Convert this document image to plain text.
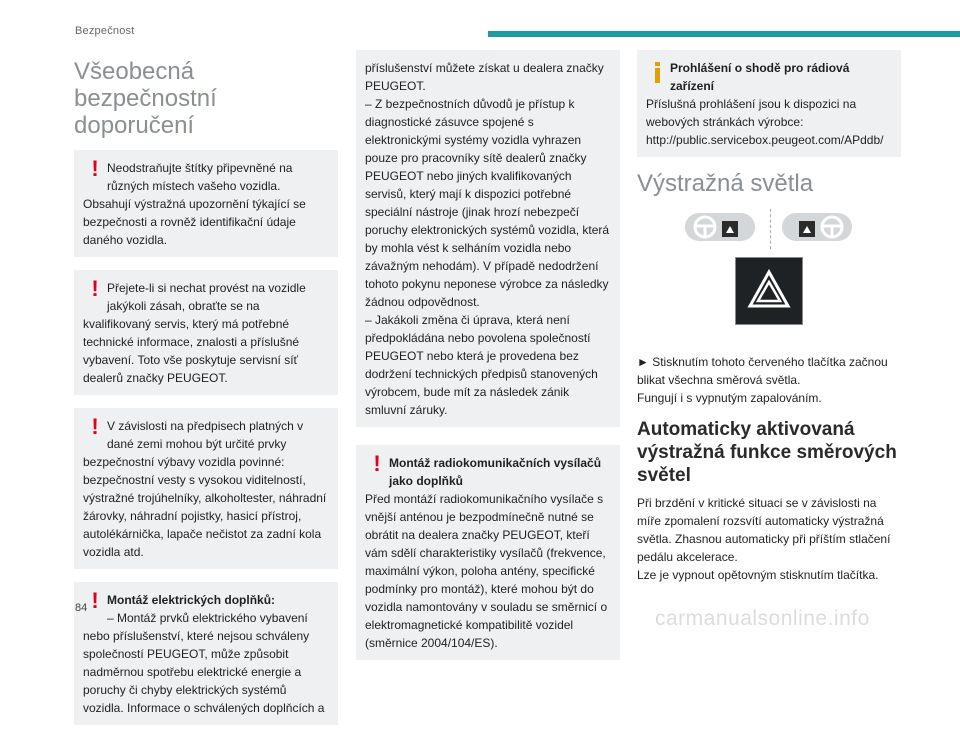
Bezpečnost
Všeobecná bezpečnostní doporučení
! Neodstraňujte štítky připevněné na různých místech vašeho vozidla.

Obsahují výstražná upozornění týkající se bezpečnosti a rovněž identifikační údaje daného vozidla.

! Přejete-li si nechat provést na vozidle jakýkoli zásah, obraťte se na

kvalifikovaný servis, který má potřebné technické informace, znalosti a příslušné vybavení. Toto vše poskytuje servisní síť dealerů značky PEUGEOT.

! V závislosti na předpisech platných v dané zemi mohou být určité prvky

bezpečnostní výbavy vozidla povinné: bezpečnostní vesty s vysokou viditelností, výstražné trojúhelníky, alkoholtester, náhradní žárovky, náhradní pojistky, hasicí přístroj, autolékárnička, lapače nečistot za zadní kola vozidla atd.

! Montáž elektrických doplňků:

– Montáž prvků elektrického vybavení

nebo příslušenství, které nejsou schváleny společností PEUGEOT, může způsobit nadměrnou spotřebu elektrické energie a poruchy či chyby elektrických systémů vozidla. Informace o schválených doplňcích a

příslušenství můžete získat u dealera značky PEUGEOT.

– Z bezpečnostních důvodů je přístup k diagnostické zásuvce spojené s elektronickými systémy vozidla vyhrazen pouze pro pracovníky sítě dealerů značky PEUGEOT nebo jiných kvalifikovaných servisů, který mají k dispozici potřebné speciální nástroje (jinak hrozí nebezpečí poruchy elektronických systémů vozidla, která by mohla vést k selháním vozidla nebo závažným nehodám). V případě nedodržení tohoto pokynu neponese výrobce za následky žádnou odpovědnost.

– Jakákoli změna či úprava, která není předpokládána nebo povolena společností PEUGEOT nebo která je provedena bez dodržení technických předpisů stanovených výrobcem, bude mít za následek zánik smluvní záruky.

! Montáž radiokomunikačních vysílačů jako doplňků

Před montáží radiokomunikačního vysílače s vnější anténou je bezpodmínečně nutné se obrátit na dealera značky PEUGEOT, kteří vám sdělí charakteristiky vysílačů (frekvence, maximální výkon, poloha antény, specifické podmínky pro montáž), které mohou být do vozidla namontovány v souladu se směrnicí o elektromagnetické kompatibilitě vozidel (směrnice 2004/104/ES).

Prohlášení o shodě pro rádiová zařízení

Příslušná prohlášení jsou k dispozici na webových stránkách výrobce: http://public.servicebox.peugeot.com/APddb/

Výstražná světla

► Stisknutím tohoto červeného tlačítka začnou blikat všechna směrová světla.

Fungují i s vypnutým zapalováním.

Automaticky aktivovaná výstražná funkce směrových světel

Při brzdění v kritické situaci se v závislosti na míře zpomalení rozsvítí automaticky výstražná světla. Zhasnou automaticky při příštím stlačení pedálu akcelerace.

Lze je vypnout opětovným stisknutím tlačítka.

84	carmanualsonline.info
